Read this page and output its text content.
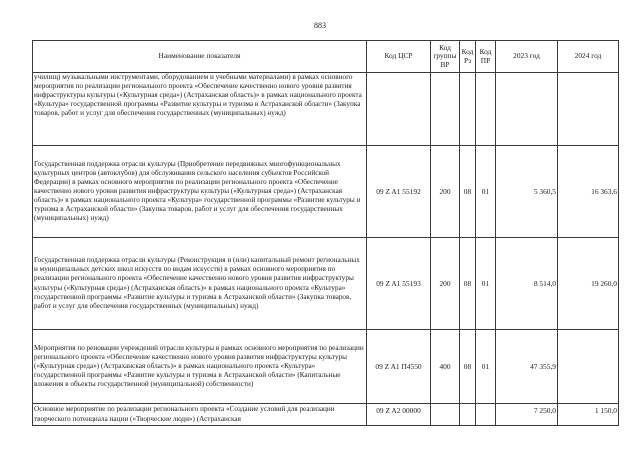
883
Наименование показателя	Код ЦСР	Код группы ВР	Код Рз	Код ПР	2023 год	2024 год
училищ) музыкальными инструментами, оборудованием и учебными материалами) в рамках основного мероприятия по реализации регионального проекта «Обеспечение качественно нового уровня развития инфраструктуры культуры («Культурная среда») (Астраханская область)» в рамках национального проекта «Культура» государственной программы «Развитие культуры и туризма в Астраханской области» (Закупка товаров, работ и услуг для обеспечения государственных (муниципальных) нужд)						
Государственная поддержка отрасли культуры (Приобретение передвижных многофункциональных культурных центров (автоклубов) для обслуживания сельского населения субъектов Российской Федерации) в рамках основного мероприятия по реализации регионального проекта «Обеспечение качественно нового уровня развития инфраструктуры культуры («Культурная среда») (Астраханская область)» в рамках национального проекта «Культура» государственной программы «Развитие культуры и туризма в Астраханской области» (Закупка товаров, работ и услуг для обеспечения государственных (муниципальных) нужд)	09 Z A1 55192	200	08	01	5 360,5	16 363,6
Государственная поддержка отрасли культуры (Реконструкция и (или) капитальный ремонт региональных и муниципальных детских школ искусств по видам искусств) в рамках основного мероприятия по реализации регионального проекта «Обеспечение качественно нового уровня развития инфраструктуры культуры («Культурная среда») (Астраханская область)» в рамках национального проекта «Культура» государственной программы «Развитие культуры и туризма в Астраханской области» (Закупка товаров, работ и услуг для обеспечения государственных (муниципальных) нужд)	09 Z A1 55193	200	08	01	8 514,0	19 260,0
Мероприятия по реновации учреждений отрасли культуры в рамках основного мероприятия по реализации регионального проекта «Обеспечение качественно нового уровня развития инфраструктуры культуры («Культурная среда») (Астраханская область)» в рамках национального проекта «Культура» государственной программы «Развитие культуры и туризма в Астраханской области» (Капитальные вложения в объекты государственной (муниципальной) собственности)	09 Z A1 П4550	400	08	01	47 355,9	
Основное мероприятие по реализации регионального проекта «Создание условий для реализации творческого потенциала нации («Творческие люди») (Астраханская	09 Z A2 00000				7 250,0	1 150,0
